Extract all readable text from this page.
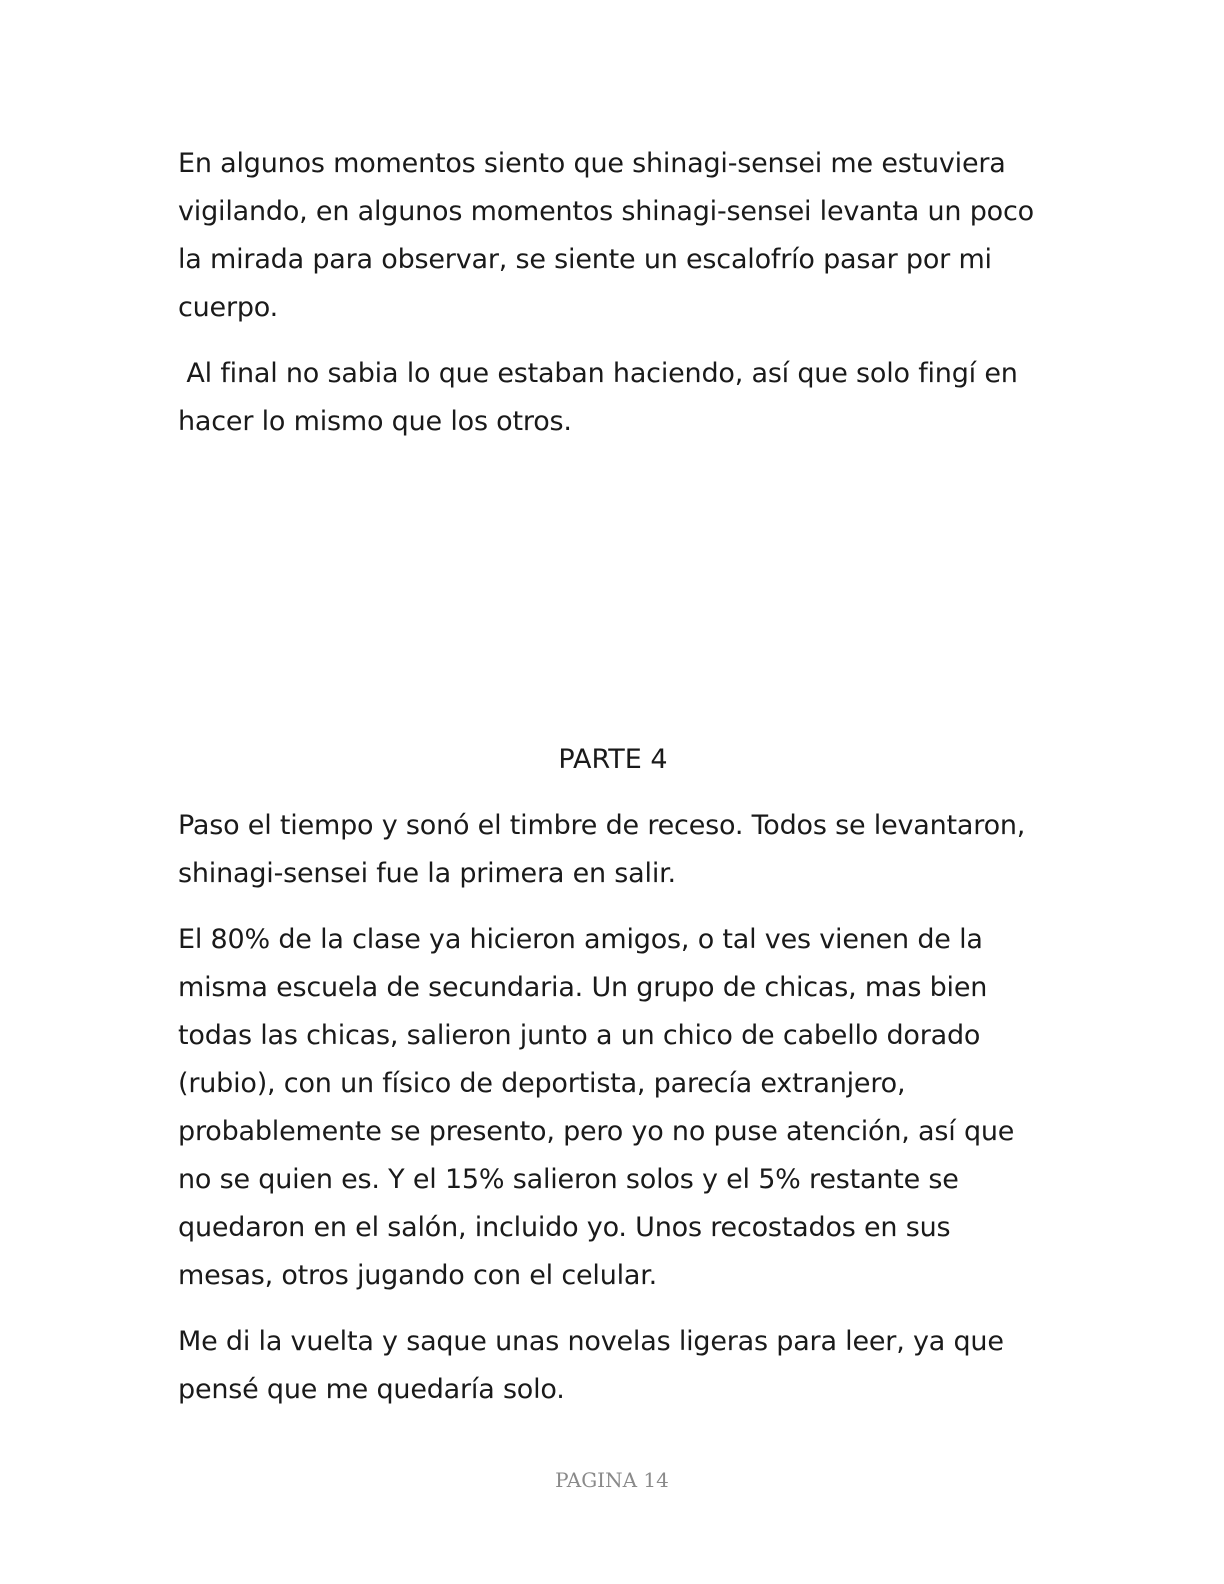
En algunos momentos siento que shinagi-sensei me estuviera vigilando, en algunos momentos shinagi-sensei levanta un poco la mirada para observar, se siente un escalofrío pasar por mi cuerpo.

Al final no sabia lo que estaban haciendo, así que solo fingí en hacer lo mismo que los otros.

PARTE 4

Paso el tiempo y sonó el timbre de receso. Todos se levantaron, shinagi-sensei fue la primera en salir.

El 80% de la clase ya hicieron amigos, o tal ves vienen de la misma escuela de secundaria. Un grupo de chicas, mas bien todas las chicas, salieron junto a un chico de cabello dorado (rubio), con un físico de deportista, parecía extranjero, probablemente se presento, pero yo no puse atención, así que no se quien es. Y el 15% salieron solos y el 5% restante se quedaron en el salón, incluido yo. Unos recostados en sus mesas, otros jugando con el celular.

Me di la vuelta y saque unas novelas ligeras para leer, ya que pensé que me quedaría solo.

PAGINA 14
